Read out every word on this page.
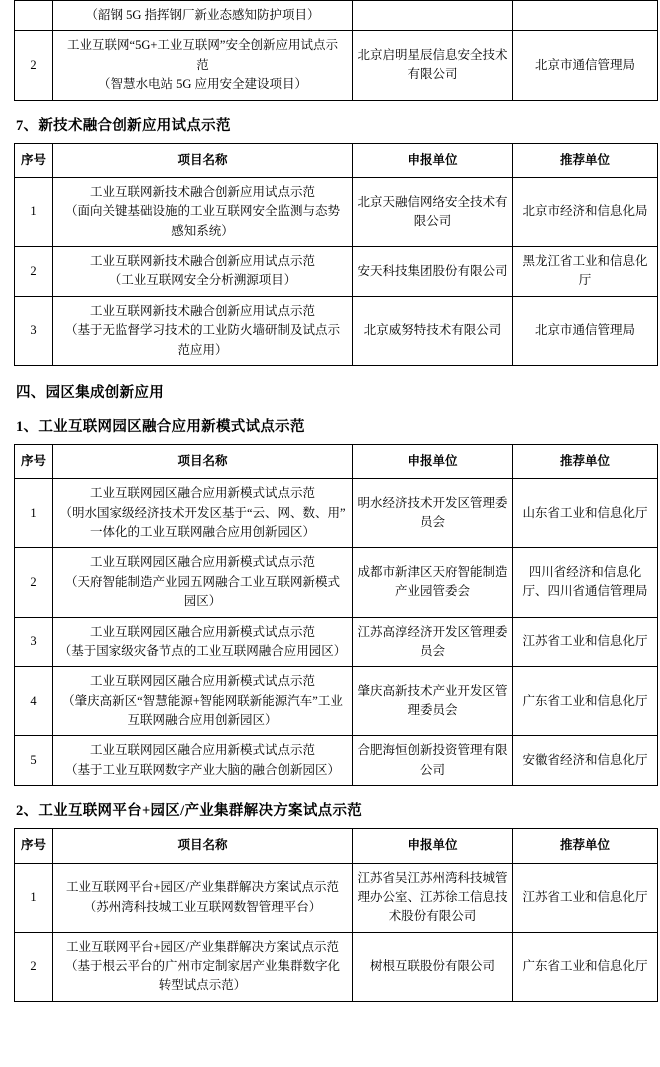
	（韶钢 5G 指挥钢厂新业态感知防护项目）		

2	工业互联网“5G+工业互联网”安全创新应用试点示
范
（智慧水电站 5G 应用安全建设项目）	北京启明星辰信息安全技术有限公司	北京市通信管理局
7、新技术融合创新应用试点示范
序号	项目名称	申报单位	推荐单位
1	工业互联网新技术融合创新应用试点示范
（面向关键基础设施的工业互联网安全监测与态势
感知系统）	北京天融信网络安全技术有限公司	北京市经济和信息化局
2	工业互联网新技术融合创新应用试点示范
（工业互联网安全分析溯源项目）	安天科技集团股份有限公司	黑龙江省工业和信息化厅
3	工业互联网新技术融合创新应用试点示范
（基于无监督学习技术的工业防火墙研制及试点示
范应用）	北京威努特技术有限公司	北京市通信管理局
四、园区集成创新应用
1、工业互联网园区融合应用新模式试点示范
序号	项目名称	申报单位	推荐单位
1	工业互联网园区融合应用新模式试点示范
（明水国家级经济技术开发区基于“云、网、数、用”
一体化的工业互联网融合应用创新园区）	明水经济技术开发区管理委员会	山东省工业和信息化厅
2	工业互联网园区融合应用新模式试点示范
（天府智能制造产业园五网融合工业互联网新模式
园区）	成都市新津区天府智能制造产业园管委会	四川省经济和信息化厅、四川省通信管理局
3	工业互联网园区融合应用新模式试点示范
（基于国家级灾备节点的工业互联网融合应用园区）	江苏高淳经济开发区管理委员会	江苏省工业和信息化厅
4	工业互联网园区融合应用新模式试点示范
（肇庆高新区“智慧能源+智能网联新能源汽车”工业
互联网融合应用创新园区）	肇庆高新技术产业开发区管理委员会	广东省工业和信息化厅
5	工业互联网园区融合应用新模式试点示范
（基于工业互联网数字产业大脑的融合创新园区）	合肥海恒创新投资管理有限公司	安徽省经济和信息化厅
2、工业互联网平台+园区/产业集群解决方案试点示范
序号	项目名称	申报单位	推荐单位
1	工业互联网平台+园区/产业集群解决方案试点示范
（苏州湾科技城工业互联网数智管理平台）	江苏省吴江苏州湾科技城管理办公室、江苏徐工信息技术股份有限公司	江苏省工业和信息化厅
2	工业互联网平台+园区/产业集群解决方案试点示范
（基于根云平台的广州市定制家居产业集群数字化
转型试点示范）	树根互联股份有限公司	广东省工业和信息化厅
